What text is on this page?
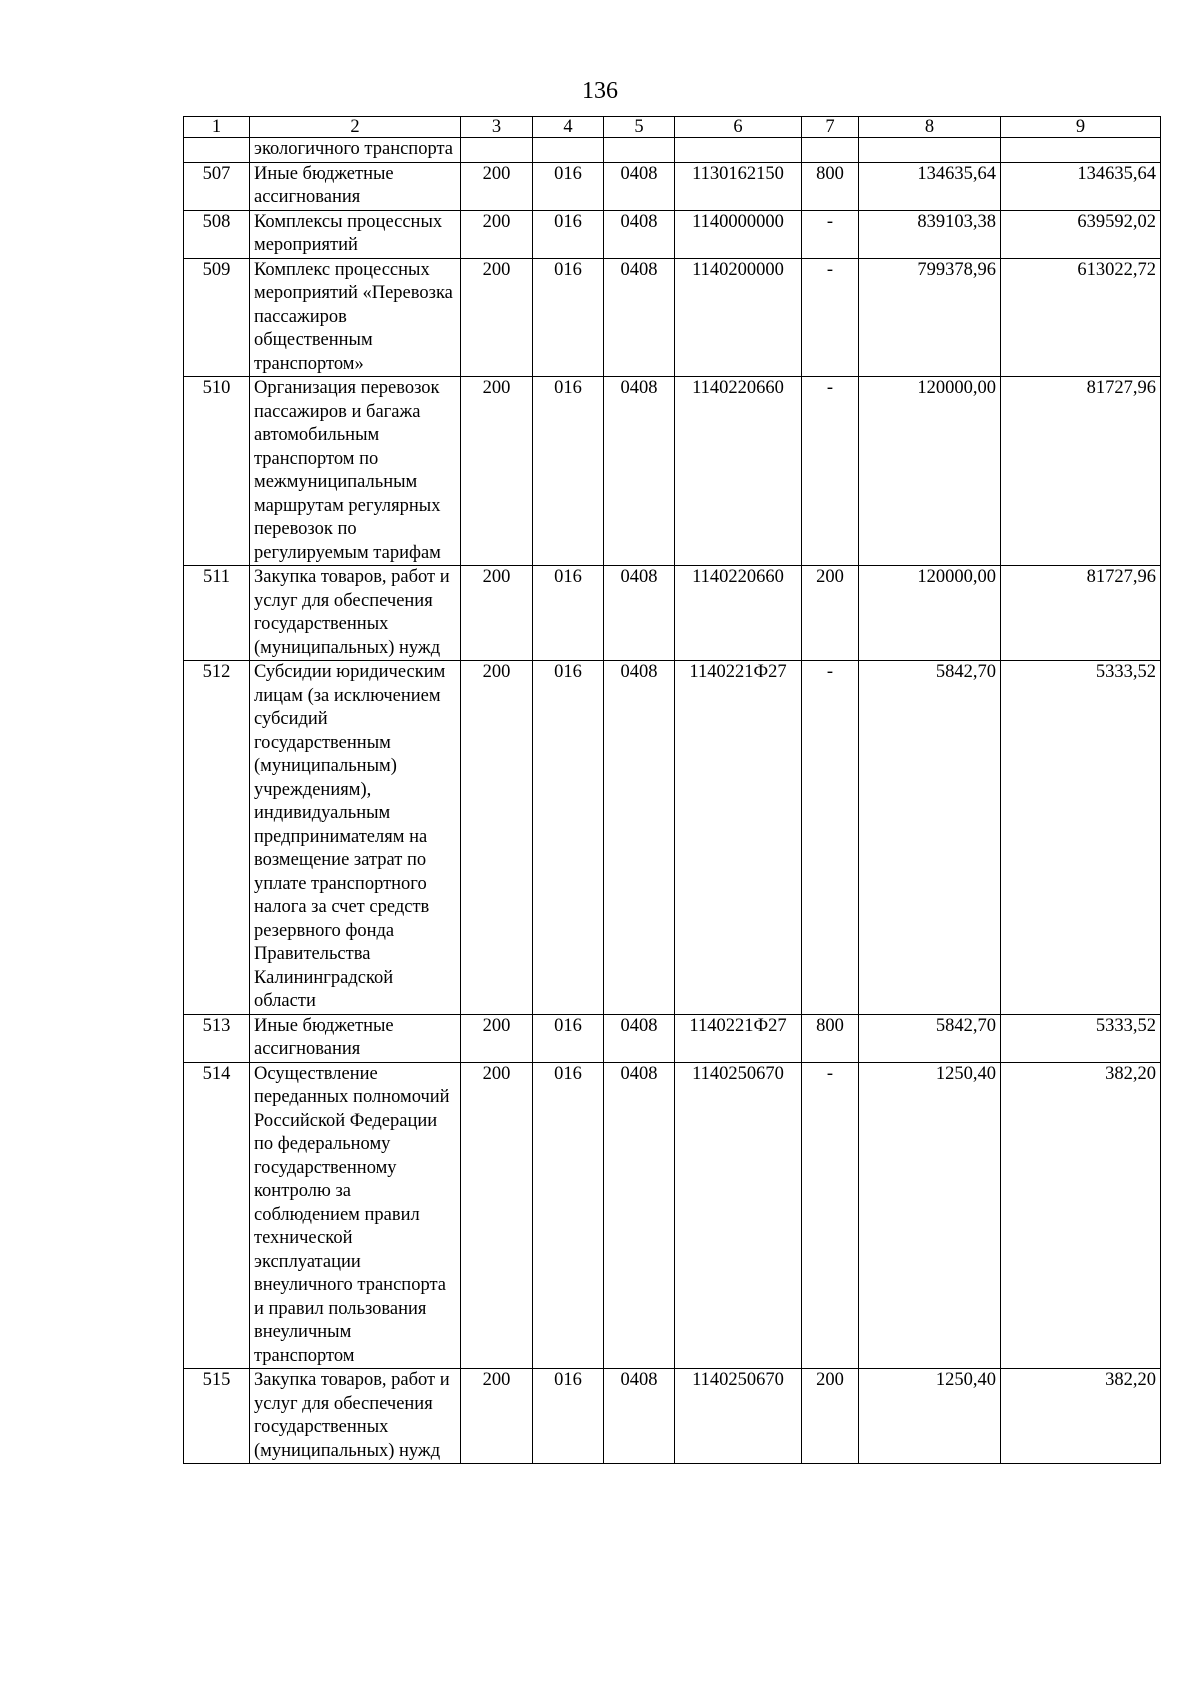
136
1	2	3	4	5	6	7	8	9
	экологичного транспорта							
507	Иные бюджетные ассигнования	200	016	0408	1130162150	800	134635,64	134635,64
508	Комплексы процессных мероприятий	200	016	0408	1140000000	-	839103,38	639592,02
509	Комплекс процессных мероприятий «Перевозка пассажиров общественным транспортом»	200	016	0408	1140200000	-	799378,96	613022,72
510	Организация перевозок пассажиров и багажа автомобильным транспортом по межмуниципальным маршрутам регулярных перевозок по регулируемым тарифам	200	016	0408	1140220660	-	120000,00	81727,96
511	Закупка товаров, работ и услуг для обеспечения государственных (муниципальных) нужд	200	016	0408	1140220660	200	120000,00	81727,96
512	Субсидии юридическим лицам (за исключением субсидий государственным (муниципальным) учреждениям), индивидуальным предпринимателям на возмещение затрат по уплате транспортного налога за счет средств резервного фонда Правительства Калининградской области	200	016	0408	1140221Ф27	-	5842,70	5333,52
513	Иные бюджетные ассигнования	200	016	0408	1140221Ф27	800	5842,70	5333,52
514	Осуществление переданных полномочий Российской Федерации по федеральному государственному контролю за соблюдением правил технической эксплуатации внеуличного транспорта и правил пользования внеуличным транспортом	200	016	0408	1140250670	-	1250,40	382,20
515	Закупка товаров, работ и услуг для обеспечения государственных (муниципальных) нужд	200	016	0408	1140250670	200	1250,40	382,20
